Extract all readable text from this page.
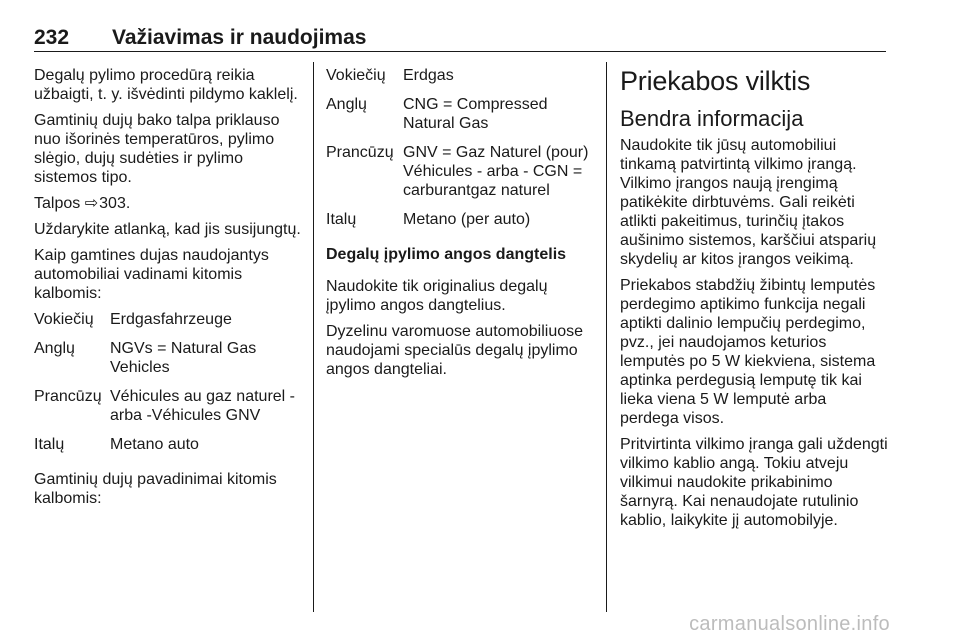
232 Važiavimas ir naudojimas

Degalų pylimo procedūrą reikia užbaigti, t. y. išvėdinti pildymo kaklelį.

Gamtinių dujų bako talpa priklauso nuo išorinės temperatūros, pylimo slėgio, dujų sudėties ir pylimo sistemos tipo.

Talpos ⇨ 303.

Uždarykite atlanką, kad jis susijungtų.

Kaip gamtines dujas naudojantys automobiliai vadinami kitomis kalbomis:

Vokiečių	Erdgasfahrzeuge
Anglų	NGVs = Natural Gas Vehicles
Prancūzų Véhicules au gaz naturel - arba -Véhicules GNV
Italų	Metano auto

Gamtinių dujų pavadinimai kitomis kalbomis:

Vokiečių	Erdgas
Anglų	CNG = Compressed Natural Gas
Prancūzų GNV = Gaz Naturel (pour) Véhicules - arba - CGN = carburantgaz naturel
Italų	Metano (per auto)
Degalų įpylimo angos dangtelis

Naudokite tik originalius degalų įpylimo angos dangtelius.

Dyzelinu varomuose automobiliuose naudojami specialūs degalų įpylimo angos dangteliai.

Priekabos vilktis
Bendra informacija

Naudokite tik jūsų automobiliui tinkamą patvirtintą vilkimo įrangą. Vilkimo įrangos naują įrengimą patikėkite dirbtuvėms. Gali reikėti atlikti pakeitimus, turinčių įtakos aušinimo sistemos, karščiui atsparių skydelių ar kitos įrangos veikimą.

Priekabos stabdžių žibintų lemputės perdegimo aptikimo funkcija negali aptikti dalinio lempučių perdegimo, pvz., jei naudojamos keturios lemputės po 5 W kiekviena, sistema aptinka perdegusią lemputę tik kai lieka viena 5 W lemputė arba perdega visos.

Pritvirtinta vilkimo įranga gali uždengti vilkimo kablio angą. Tokiu atveju vilkimui naudokite prikabinimo šarnyrą. Kai nenaudojate rutulinio kablio, laikykite jį automobilyje.

carmanualsonline.info
